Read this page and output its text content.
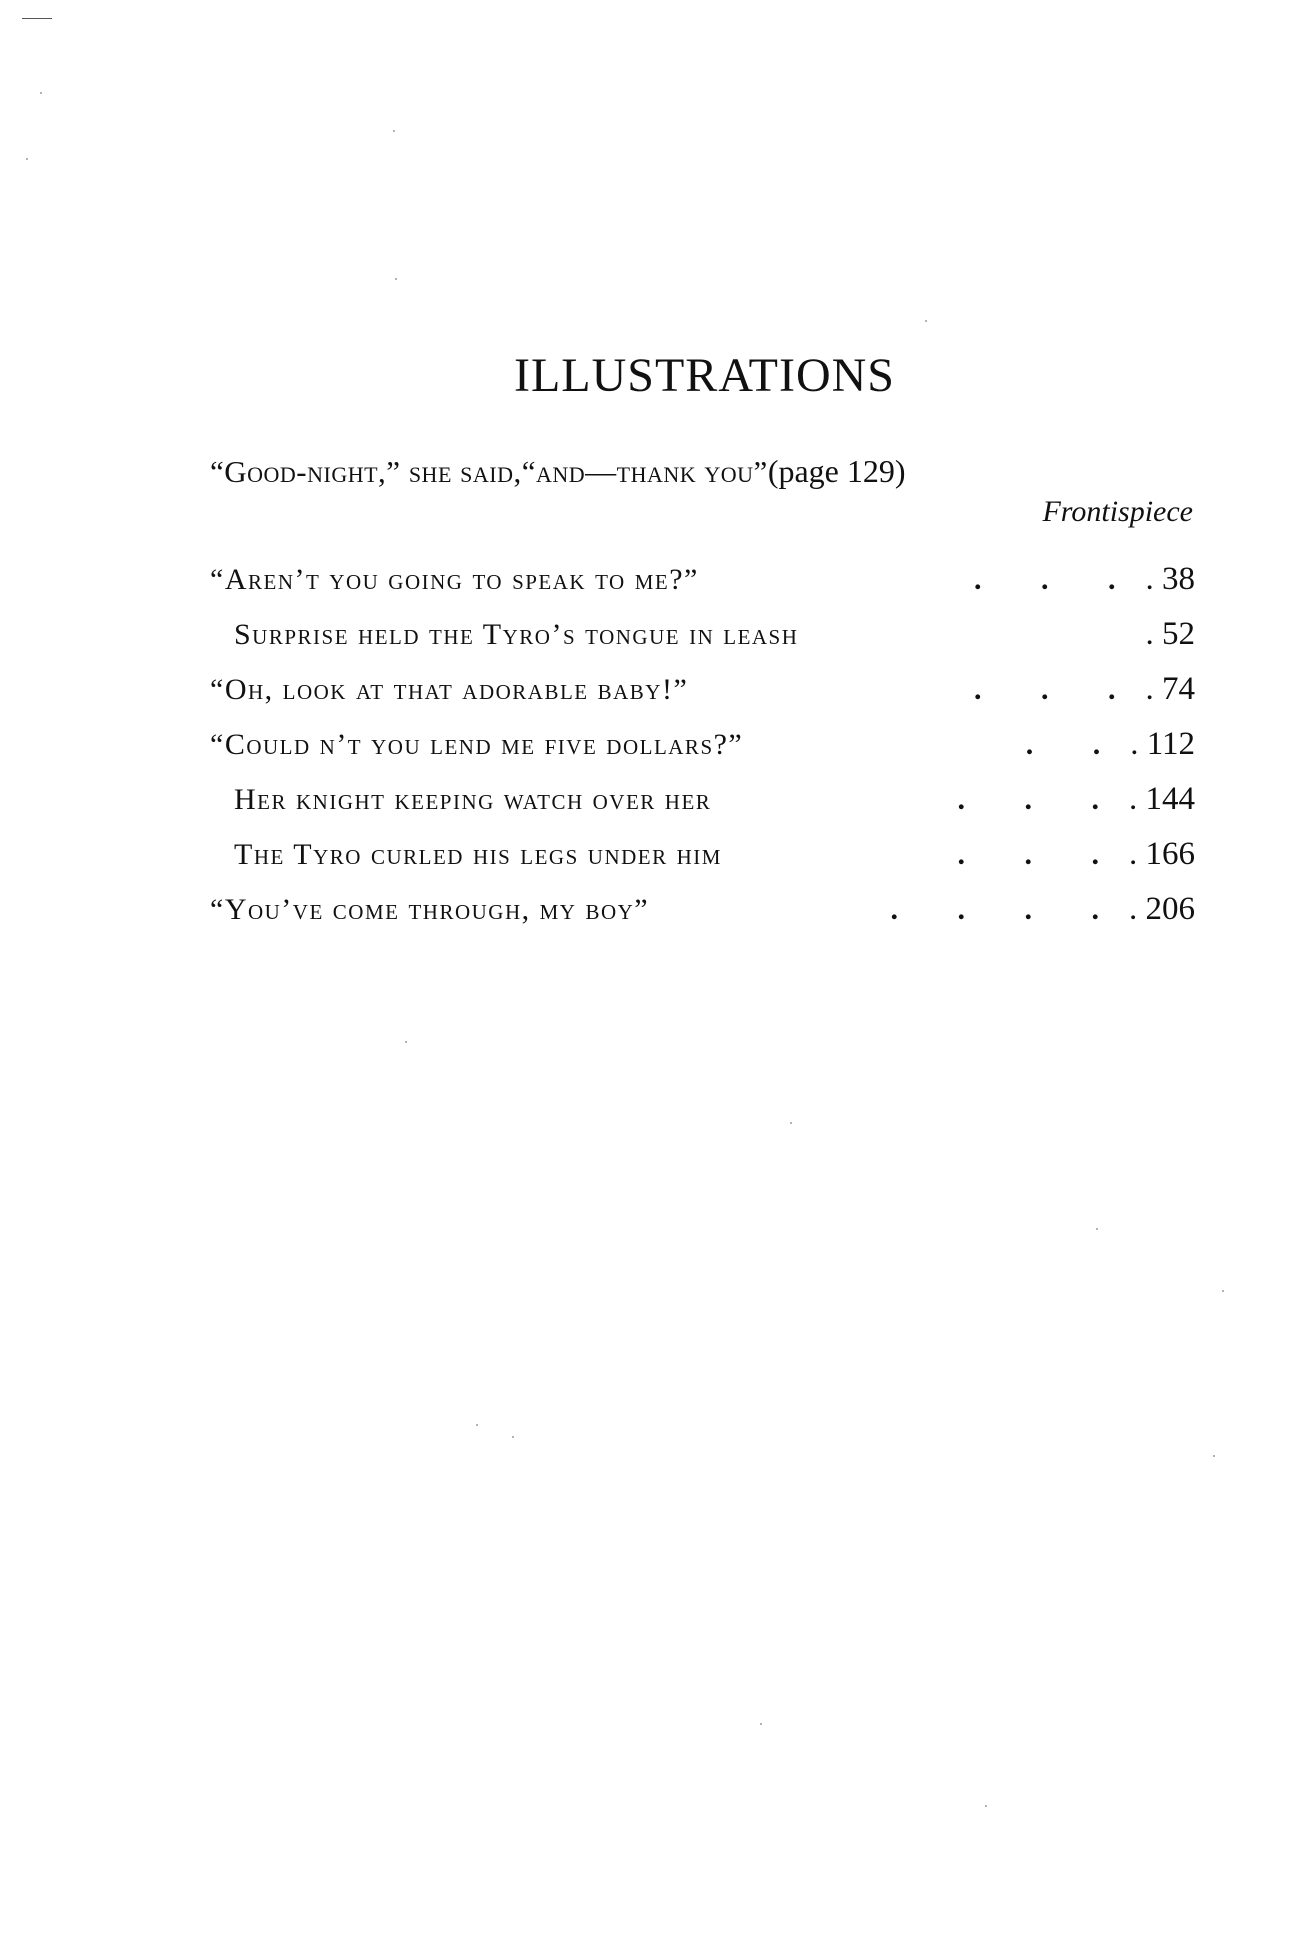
ILLUSTRATIONS
“Good-night,” she said,“and—thank you”(page 129)
Frontispiece
“Aren’t you going to speak to me?”	. . . . 38
Surprise held the Tyro’s tongue in leash	. 52
“Oh, look at that adorable baby!”	. . . . 74
“Could n’t you lend me five dollars?”	. . . 112
Her knight keeping watch over her	. . . . 144
The Tyro curled his legs under him	. . . . 166
“You’ve come through, my boy”	. . . . . 206
